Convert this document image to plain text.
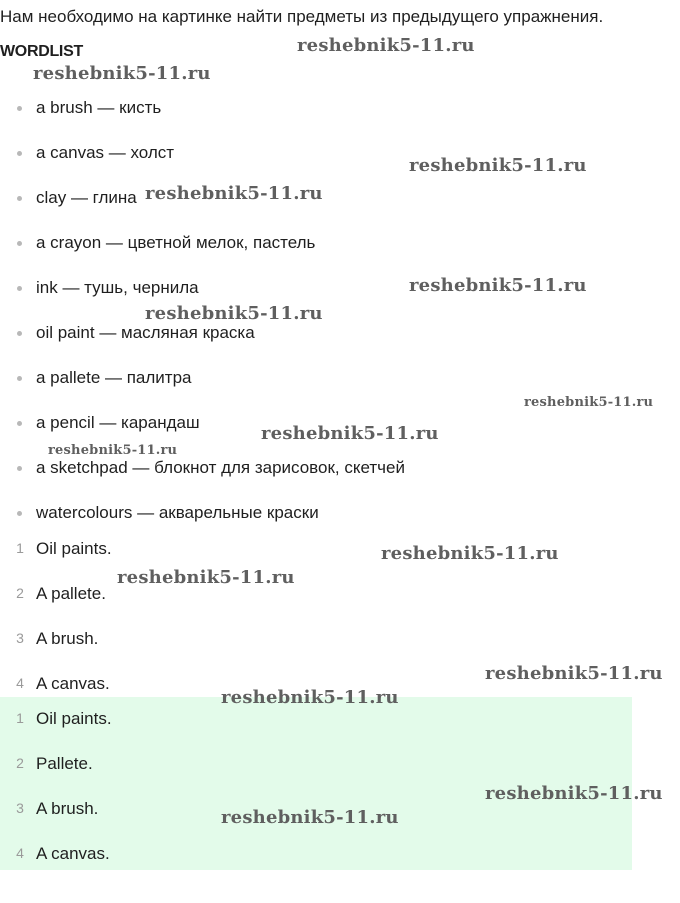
Нам необходимо на картинке найти предметы из предыдущего упражнения.
WORDLIST
a brush — кисть
a canvas — холст
clay — глина
a crayon — цветной мелок, пастель
ink — тушь, чернила
oil paint — масляная краска
a pallete — палитра
a pencil — карандаш
a sketchpad — блокнот для зарисовок, скетчей
watercolours — акварельные краски
1 Oil paints.
2 A pallete.
3 A brush.
4 A canvas.
1 Oil paints.
2 Pallete.
3 A brush.
4 A canvas.
reshebnik5-11.ru
reshebnik5-11.ru
reshebnik5-11.ru
reshebnik5-11.ru
reshebnik5-11.ru
reshebnik5-11.ru
reshebnik5-11.ru
reshebnik5-11.ru
reshebnik5-11.ru
reshebnik5-11.ru
reshebnik5-11.ru
reshebnik5-11.ru
reshebnik5-11.ru
reshebnik5-11.ru
reshebnik5-11.ru
